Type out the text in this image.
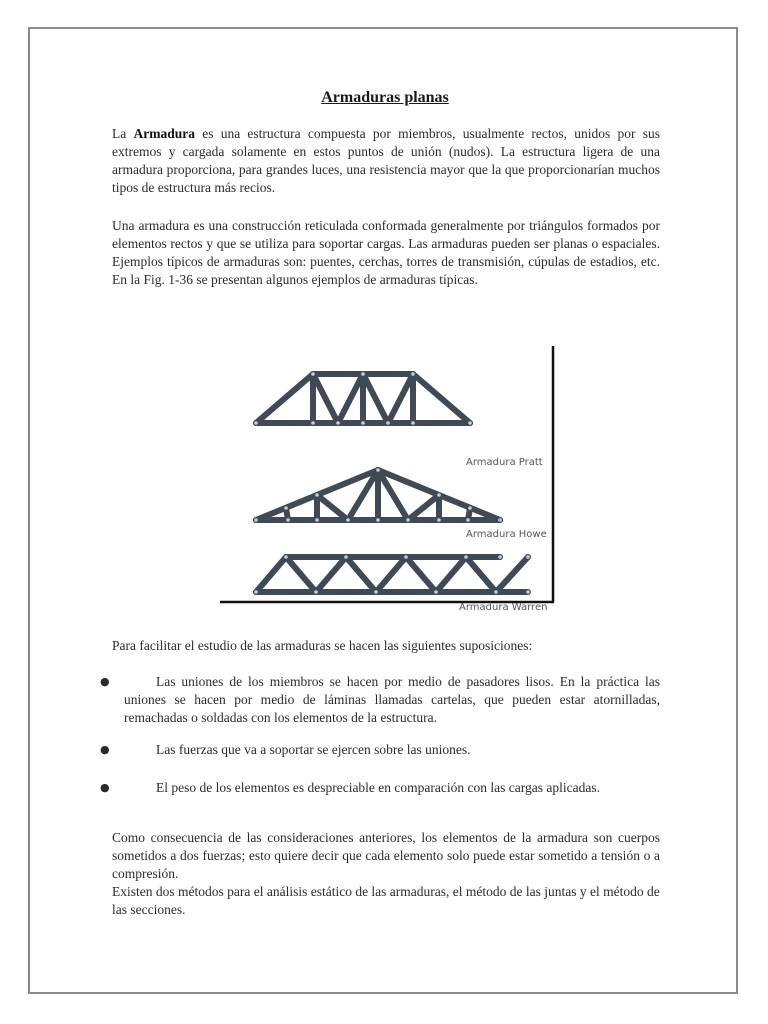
Armaduras planas
La Armadura es una estructura compuesta por miembros, usualmente rectos, unidos por sus extremos y cargada solamente en estos puntos de unión (nudos). La estructura ligera de una armadura proporciona, para grandes luces, una resistencia mayor que la que proporcionarían muchos tipos de estructura más recios.
Una armadura es una construcción reticulada conformada generalmente por triángulos formados por elementos rectos y que se utiliza para soportar cargas. Las armaduras pueden ser planas o espaciales. Ejemplos típicos de armaduras son: puentes, cerchas, torres de transmisión, cúpulas de estadios, etc. En la Fig. 1-36 se presentan algunos ejemplos de armaduras típicas.
Armadura Pratt
Armadura Howe
Armadura Warren
Para facilitar el estudio de las armaduras se hacen las siguientes suposiciones:
●	Las uniones de los miembros se hacen por medio de pasadores lisos. En la práctica las uniones se hacen por medio de láminas llamadas cartelas, que pueden estar atornilladas, remachadas o soldadas con los elementos de la estructura.
●	Las fuerzas que va a soportar se ejercen sobre las uniones.
●	El peso de los elementos es despreciable en comparación con las cargas aplicadas.
Como consecuencia de las consideraciones anteriores, los elementos de la armadura son cuerpos sometidos a dos fuerzas; esto quiere decir que cada elemento solo puede estar sometido a tensión o a compresión.
Existen dos métodos para el análisis estático de las armaduras, el método de las juntas y el método de las secciones.
